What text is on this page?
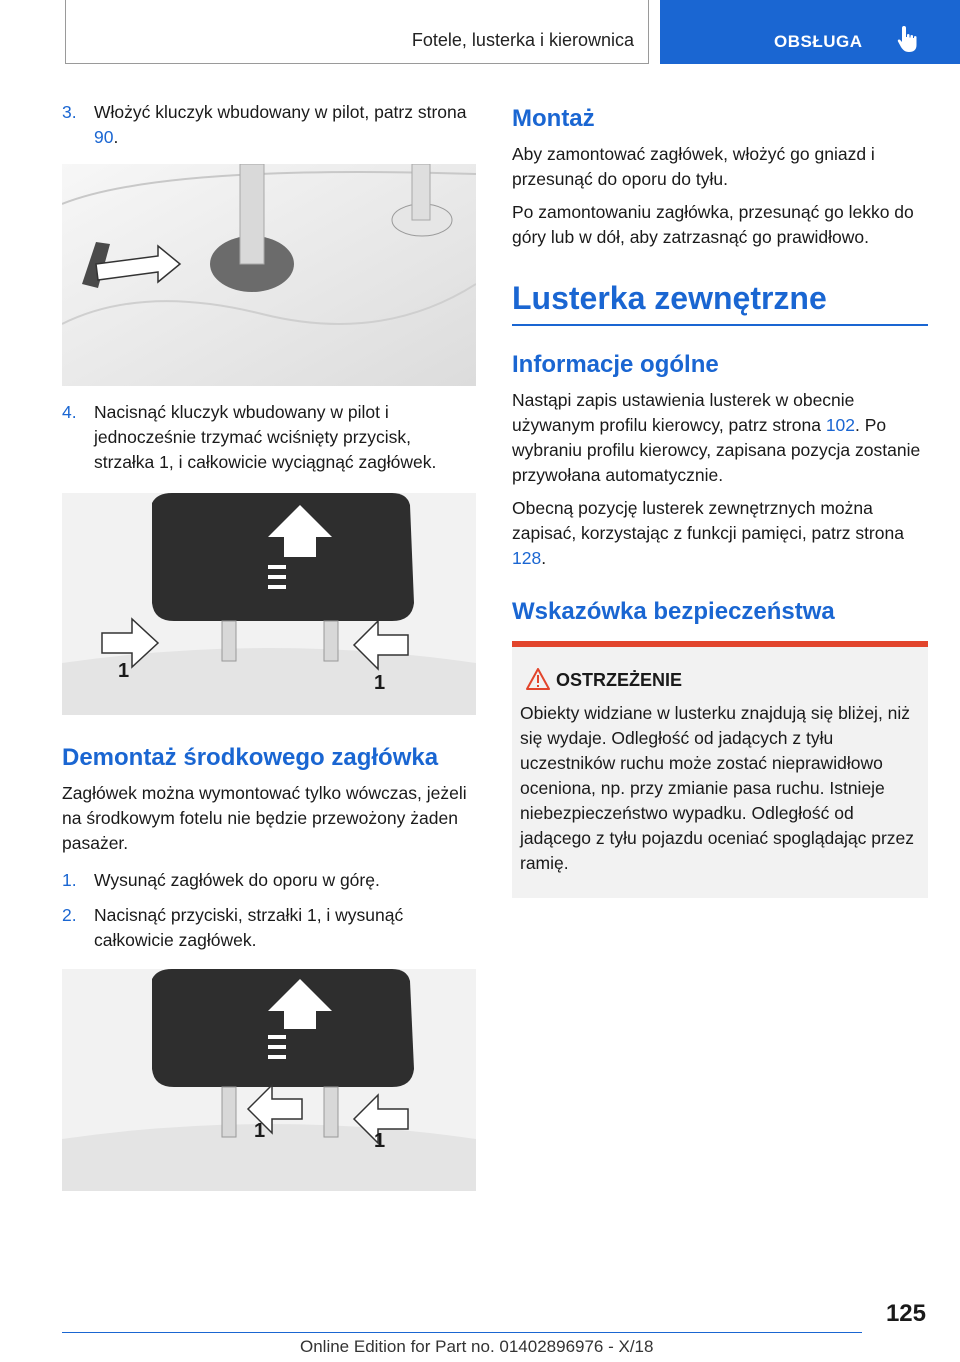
Fotele, lusterka i kierownica	OBSŁUGA
3. Włożyć kluczyk wbudowany w pilot, patrz strona 90.
4. Nacisnąć kluczyk wbudowany w pilot i jednocześnie trzymać wciśnięty przycisk, strzałka 1, i całkowicie wyciągnąć zagłówek.
1
1
Demontaż środkowego zagłówka

Zagłówek można wymontować tylko wówczas, jeżeli na środkowym fotelu nie będzie przewożony żaden pasażer.

1. Wysunąć zagłówek do oporu w górę.
2. Nacisnąć przyciski, strzałki 1, i wysunąć całkowicie zagłówek.
1	1
Montaż

Aby zamontować zagłówek, włożyć go gniazd i przesunąć do oporu do tyłu.

Po zamontowaniu zagłówka, przesunąć go lekko do góry lub w dół, aby zatrzasnąć go prawidłowo.

Lusterka zewnętrzne
Informacje ogólne

Nastąpi zapis ustawienia lusterek w obecnie używanym profilu kierowcy, patrz strona 102. Po wybraniu profilu kierowcy, zapisana pozycja zostanie przywołana automatycznie.

Obecną pozycję lusterek zewnętrznych można zapisać, korzystając z funkcji pamięci, patrz strona 128.

Wskazówka bezpieczeństwa
OSTRZEŻENIE

Obiekty widziane w lusterku znajdują się bliżej, niż się wydaje. Odległość od jadących z tyłu uczestników ruchu może zostać nieprawidłowo oceniona, np. przy zmianie pasa ruchu. Istnieje niebezpieczeństwo wypadku. Odległość od jadącego z tyłu pojazdu oceniać spoglądając przez ramię.

125
Online Edition for Part no. 01402896976 - X/18
